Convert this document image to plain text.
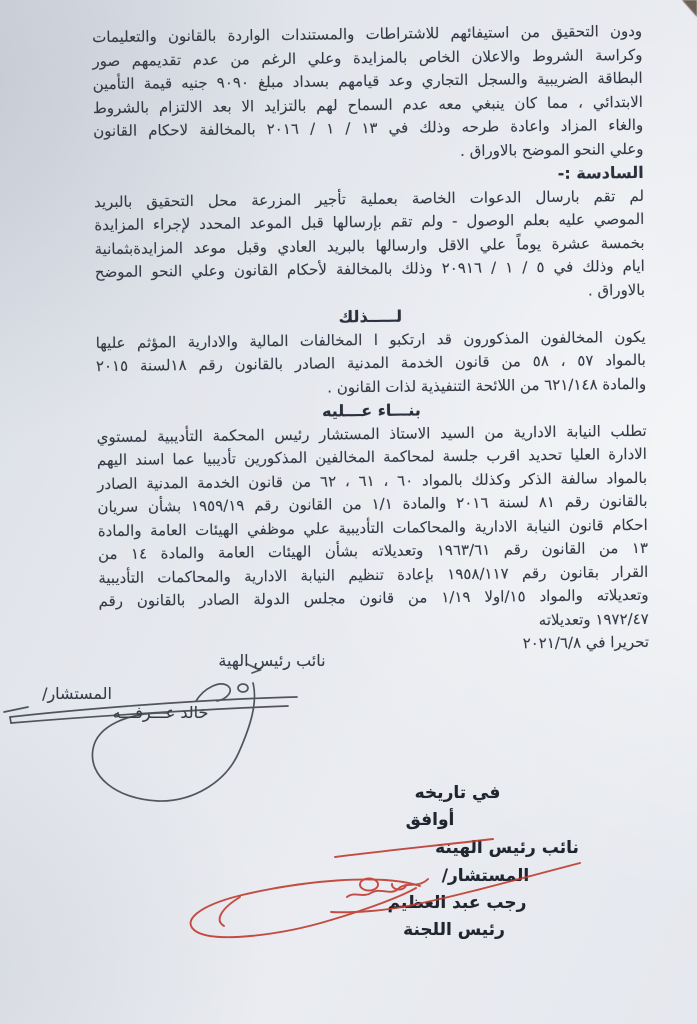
ودون التحقيق من استيفائهم للاشتراطات والمستندات الواردة بالقانون والتعليمات
وكراسة الشروط والاعلان الخاص بالمزايدة وعلي الرغم من عدم تقديمهم صور
البطاقة الضريبية والسجل التجاري وعد قيامهم بسداد مبلغ ٩٠٩٠ جنيه قيمة التأمين
الابتدائي ، مما كان ينبغي معه عدم السماح لهم بالتزايد الا بعد الالتزام بالشروط
والغاء المزاد واعادة طرحه وذلك في ١٣ / ١ / ٢٠١٦ بالمخالفة لاحكام القانون
وعلي النحو الموضح بالاوراق .
السادسة :-
لم تقم بارسال الدعوات الخاصة بعملية تأجير المزرعة محل التحقيق بالبريد
الموصي عليه بعلم الوصول - ولم تقم بإرسالها قبل الموعد المحدد لإجراء المزايدة
بخمسة عشرة يوماً علي الاقل وارسالها بالبريد العادي وقبل موعد المزايدةبثمانية
ايام وذلك في ٥ / ١ / ٢٠٩١٦ وذلك بالمخالفة لأحكام القانون وعلي النحو الموضح
بالاوراق .
لـــــذلك
يكون المخالفون المذكورون قد ارتكبو ا المخالفات المالية والادارية المؤثم عليها
بالمواد ٥٧ ، ٥٨ من قانون الخدمة المدنية الصادر بالقانون رقم ١٨لسنة ٢٠١٥
والمادة ٦٢١/١٤٨ من اللائحة التنفيذية لذات القانون .
بنـــاء عـــليه
تطلب النيابة الادارية من السيد الاستاذ المستشار رئيس المحكمة التأديبية لمستوي
الادارة العليا تحديد اقرب جلسة لمحاكمة المخالفين المذكورين تأديبيا عما اسند اليهم
بالمواد سالفة الذكر وكذلك بالمواد ٦٠ ، ٦١ ، ٦٢ من قانون الخدمة المدنية الصادر
بالقانون رقم ٨١ لسنة ٢٠١٦ والمادة ١/١ من القانون رقم ١٩٥٩/١٩ بشأن سريان
احكام قانون النيابة الادارية والمحاكمات التأديبية علي موظفي الهيئات العامة والمادة
١٣ من القانون رقم ١٩٦٣/٦١ وتعديلاته بشأن الهيئات العامة والمادة ١٤ من
القرار بقانون رقم ١٩٥٨/١١٧ بإعادة تنظيم النيابة الادارية والمحاكمات التأديبية
وتعديلاته والمواد ١٥/اولا ١/١٩ من قانون مجلس الدولة الصادر بالقانون رقم
١٩٧٢/٤٧ وتعديلاته
تحريرا في ٢٠٢١/٦/٨
نائب رئيس الهية
المستشار/
خالد عـــرفـــه
في تاريخه
أوافق
نائب رئيس الهينة
المستشار/
رجب عبد العظيم
رئيس اللجنة
